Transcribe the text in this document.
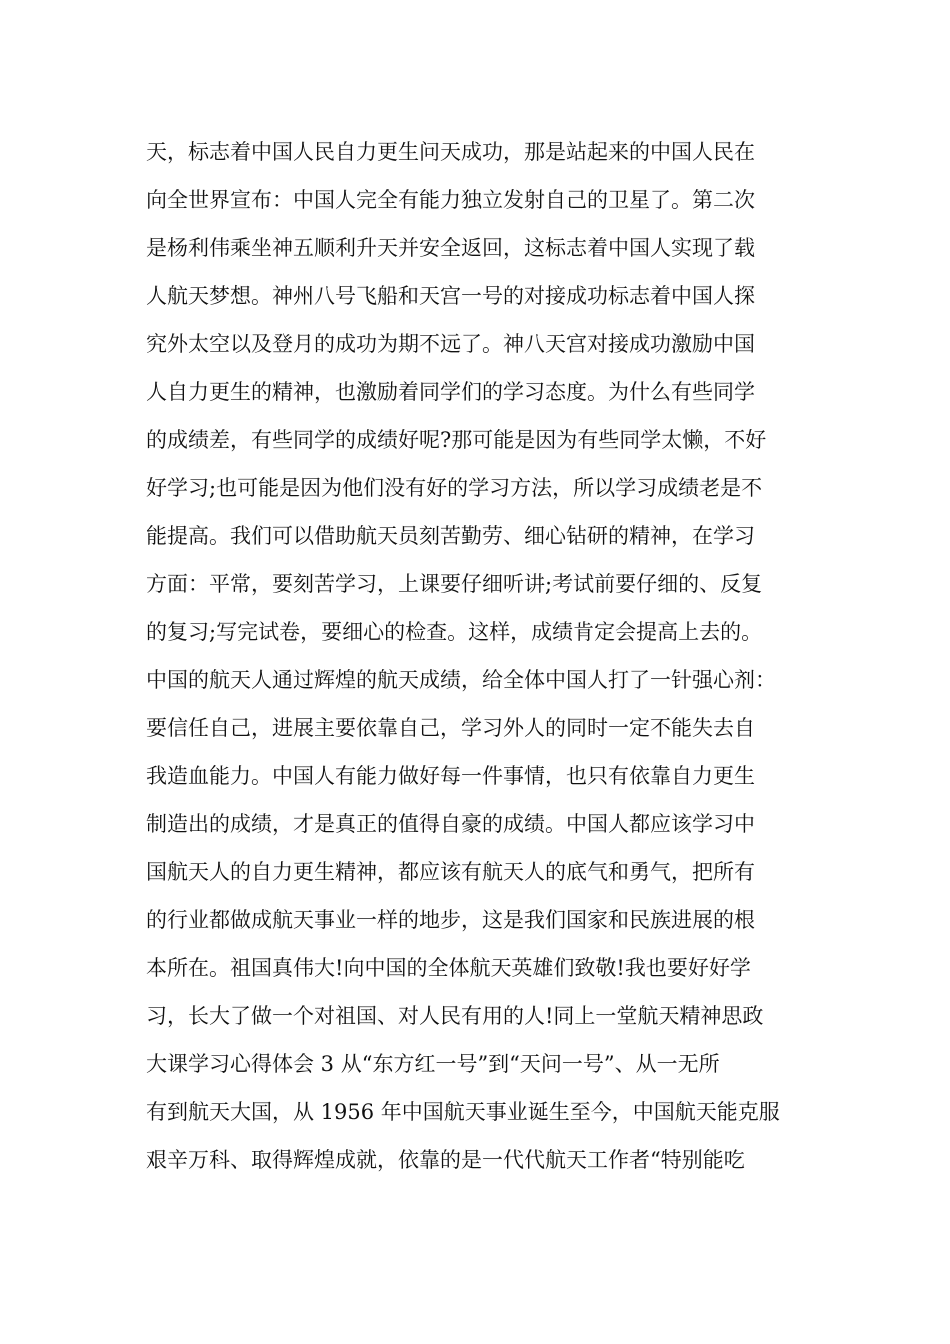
天，标志着中国人民自力更生问天成功，那是站起来的中国人民在
向全世界宣布：中国人完全有能力独立发射自己的卫星了。第二次
是杨利伟乘坐神五顺利升天并安全返回，这标志着中国人实现了载
人航天梦想。神州八号飞船和天宫一号的对接成功标志着中国人探
究外太空以及登月的成功为期不远了。神八天宫对接成功激励中国
人自力更生的精神，也激励着同学们的学习态度。为什么有些同学
的成绩差，有些同学的成绩好呢?那可能是因为有些同学太懒，不好
好学习;也可能是因为他们没有好的学习方法，所以学习成绩老是不
能提高。我们可以借助航天员刻苦勤劳、细心钻研的精神，在学习
方面：平常，要刻苦学习，上课要仔细听讲;考试前要仔细的、反复
的复习;写完试卷，要细心的检查。这样，成绩肯定会提高上去的。
中国的航天人通过辉煌的航天成绩，给全体中国人打了一针强心剂：
要信任自己，进展主要依靠自己，学习外人的同时一定不能失去自
我造血能力。中国人有能力做好每一件事情，也只有依靠自力更生
制造出的成绩，才是真正的值得自豪的成绩。中国人都应该学习中
国航天人的自力更生精神，都应该有航天人的底气和勇气，把所有
的行业都做成航天事业一样的地步，这是我们国家和民族进展的根
本所在。祖国真伟大!向中国的全体航天英雄们致敬!我也要好好学
习，长大了做一个对祖国、对人民有用的人!同上一堂航天精神思政
大课学习心得体会 3 从“东方红一号”到“天问一号”、从一无所
有到航天大国，从 1956 年中国航天事业诞生至今，中国航天能克服
艰辛万科、取得辉煌成就，依靠的是一代代航天工作者“特别能吃
